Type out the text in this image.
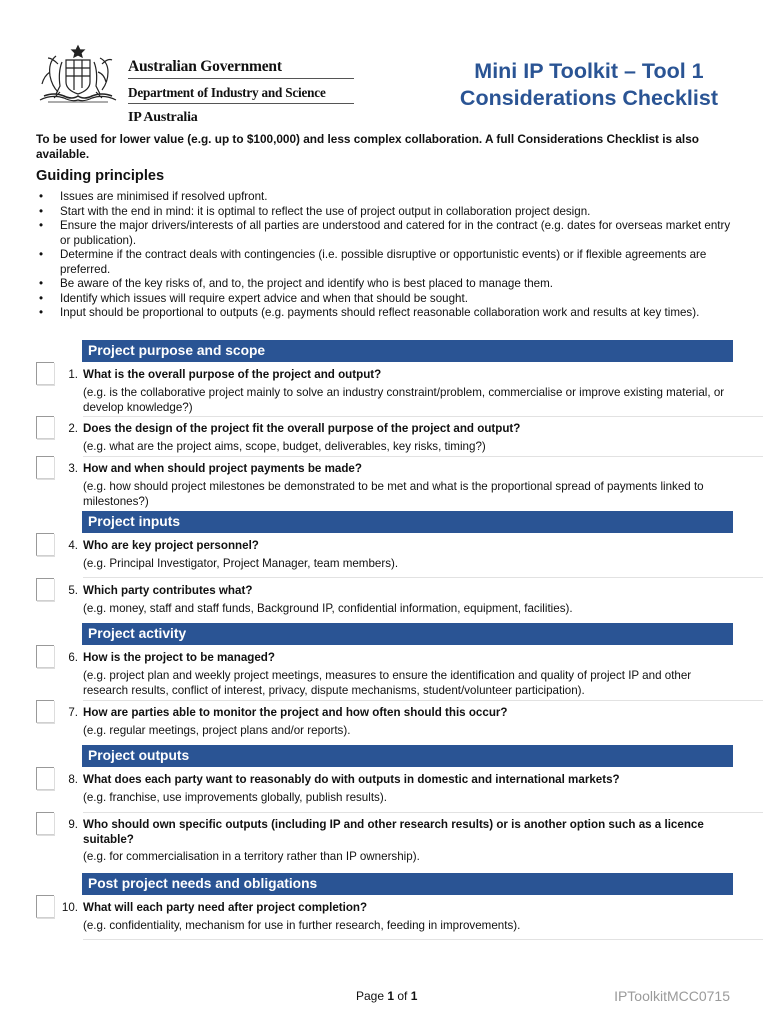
Australian Government
Department of Industry and Science
IP Australia
Mini IP Toolkit – Tool 1
Considerations Checklist
To be used for lower value (e.g. up to $100,000) and less complex collaboration. A full Considerations Checklist is also available.
Guiding principles
• Issues are minimised if resolved upfront.
• Start with the end in mind: it is optimal to reflect the use of project output in collaboration project design.
• Ensure the major drivers/interests of all parties are understood and catered for in the contract (e.g. dates for overseas market entry or publication).
• Determine if the contract deals with contingencies (i.e. possible disruptive or opportunistic events) or if flexible agreements are preferred.
• Be aware of the key risks of, and to, the project and identify who is best placed to manage them.
• Identify which issues will require expert advice and when that should be sought.
• Input should be proportional to outputs (e.g. payments should reflect reasonable collaboration work and results at key times).
Project purpose and scope
1. What is the overall purpose of the project and output?
(e.g. is the collaborative project mainly to solve an industry constraint/problem, commercialise or improve existing material, or develop knowledge?)
2. Does the design of the project fit the overall purpose of the project and output?
(e.g. what are the project aims, scope, budget, deliverables, key risks, timing?)
3. How and when should project payments be made?
(e.g. how should project milestones be demonstrated to be met and what is the proportional spread of payments linked to milestones?)
Project inputs
4. Who are key project personnel?
(e.g. Principal Investigator, Project Manager, team members).
5. Which party contributes what?
(e.g. money, staff and staff funds, Background IP, confidential information, equipment, facilities).
Project activity
6. How is the project to be managed?
(e.g. project plan and weekly project meetings, measures to ensure the identification and quality of project IP and other research results, conflict of interest, privacy, dispute mechanisms, student/volunteer participation).
7. How are parties able to monitor the project and how often should this occur?
(e.g. regular meetings, project plans and/or reports).
Project outputs
8. What does each party want to reasonably do with outputs in domestic and international markets?
(e.g. franchise, use improvements globally, publish results).
9. Who should own specific outputs (including IP and other research results) or is another option such as a licence suitable?
(e.g. for commercialisation in a territory rather than IP ownership).
Post project needs and obligations
10. What will each party need after project completion?
(e.g. confidentiality, mechanism for use in further research, feeding in improvements).
Page 1 of 1	IPToolkitMCC0715
